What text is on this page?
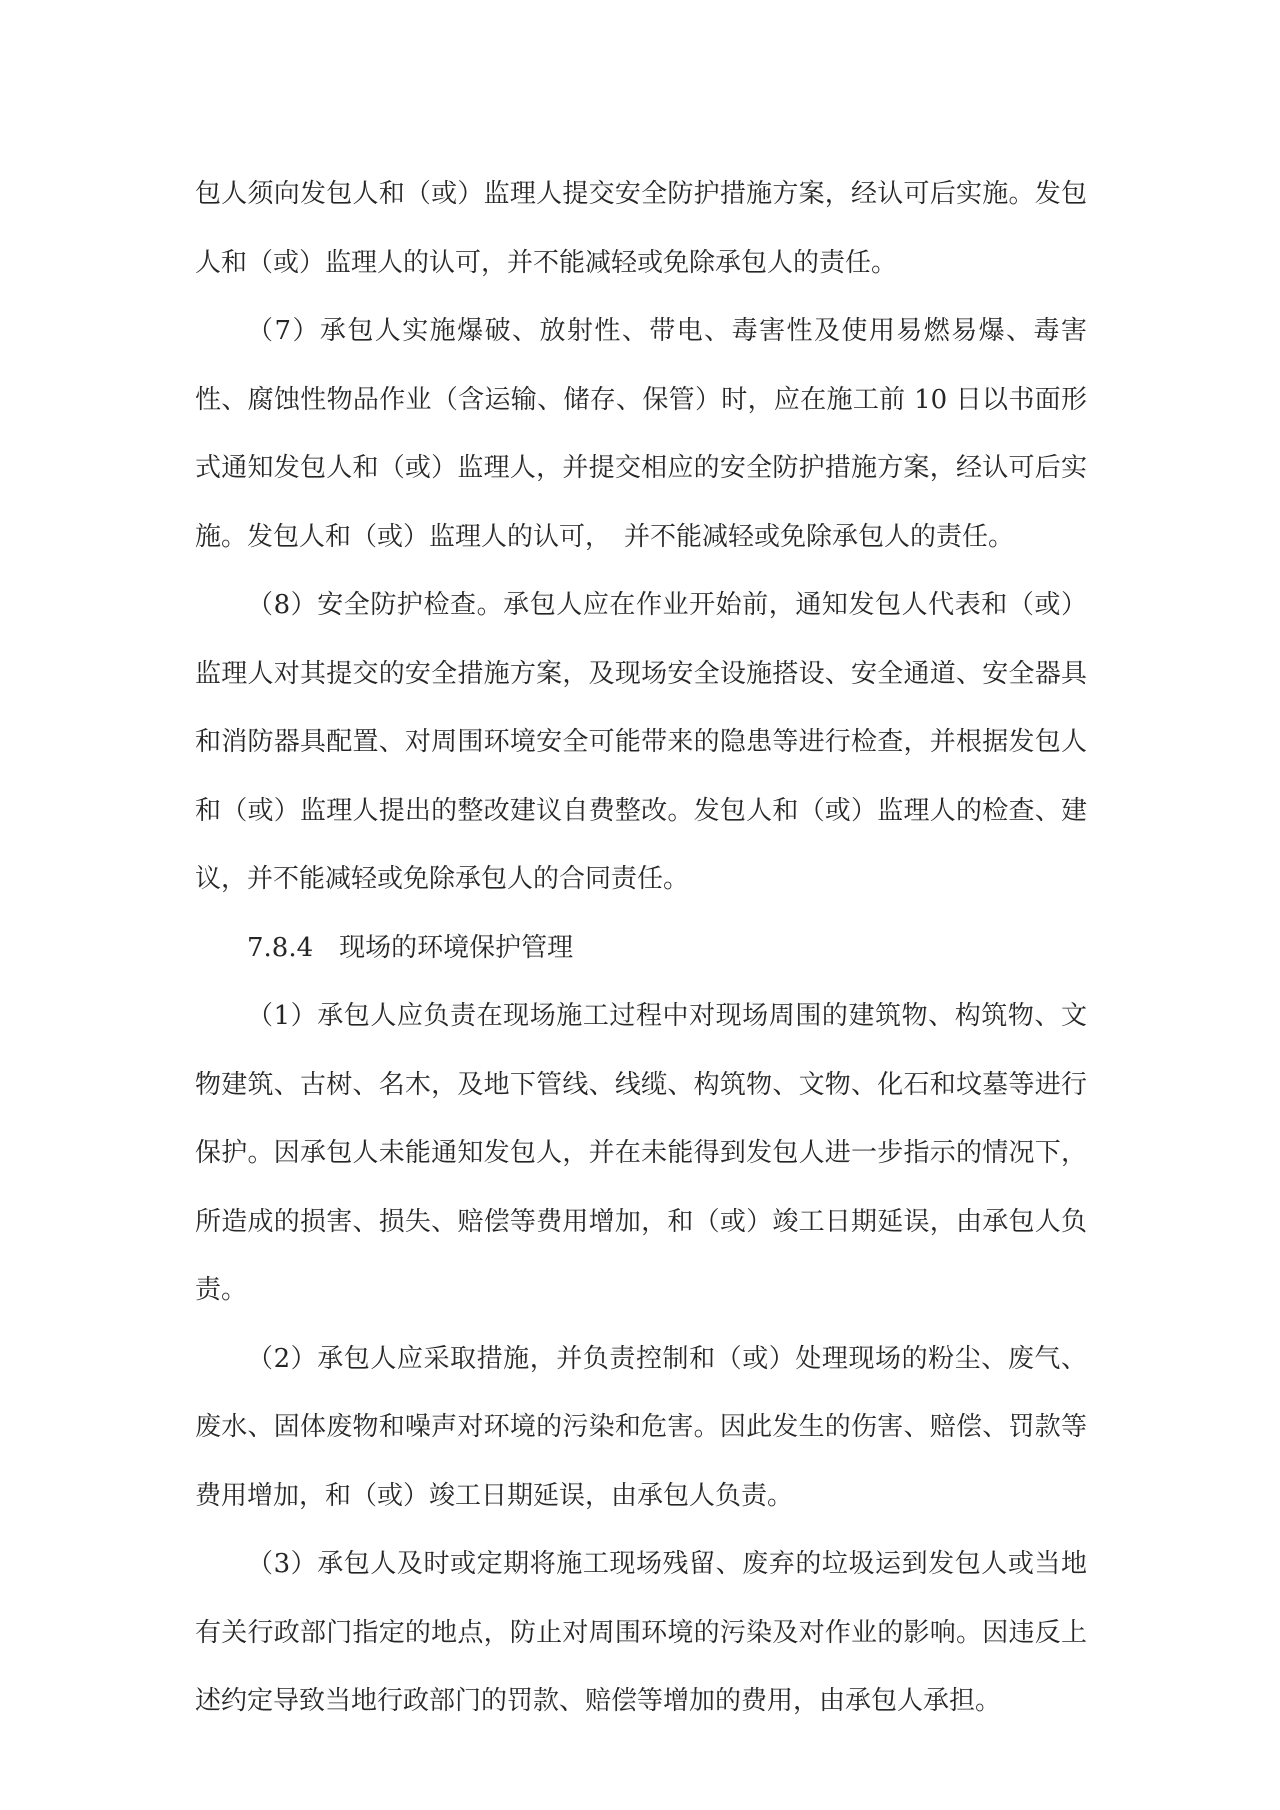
包人须向发包人和（或）监理人提交安全防护措施方案，经认可后实施。发包人和（或）监理人的认可，并不能减轻或免除承包人的责任。

（7）承包人实施爆破、放射性、带电、毒害性及使用易燃易爆、毒害性、腐蚀性物品作业（含运输、储存、保管）时，应在施工前 10 日以书面形式通知发包人和（或）监理人，并提交相应的安全防护措施方案，经认可后实施。发包人和（或）监理人的认可，　并不能减轻或免除承包人的责任。

（8）安全防护检查。承包人应在作业开始前，通知发包人代表和（或）监理人对其提交的安全措施方案，及现场安全设施搭设、安全通道、安全器具和消防器具配置、对周围环境安全可能带来的隐患等进行检查，并根据发包人和（或）监理人提出的整改建议自费整改。发包人和（或）监理人的检查、建议，并不能减轻或免除承包人的合同责任。

7.8.4 现场的环境保护管理

（1）承包人应负责在现场施工过程中对现场周围的建筑物、构筑物、文物建筑、古树、名木，及地下管线、线缆、构筑物、文物、化石和坟墓等进行保护。因承包人未能通知发包人，并在未能得到发包人进一步指示的情况下，所造成的损害、损失、赔偿等费用增加，和（或）竣工日期延误，由承包人负责。

（2）承包人应采取措施，并负责控制和（或）处理现场的粉尘、废气、废水、固体废物和噪声对环境的污染和危害。因此发生的伤害、赔偿、罚款等费用增加，和（或）竣工日期延误，由承包人负责。

（3）承包人及时或定期将施工现场残留、废弃的垃圾运到发包人或当地有关行政部门指定的地点，防止对周围环境的污染及对作业的影响。因违反上述约定导致当地行政部门的罚款、赔偿等增加的费用，由承包人承担。
